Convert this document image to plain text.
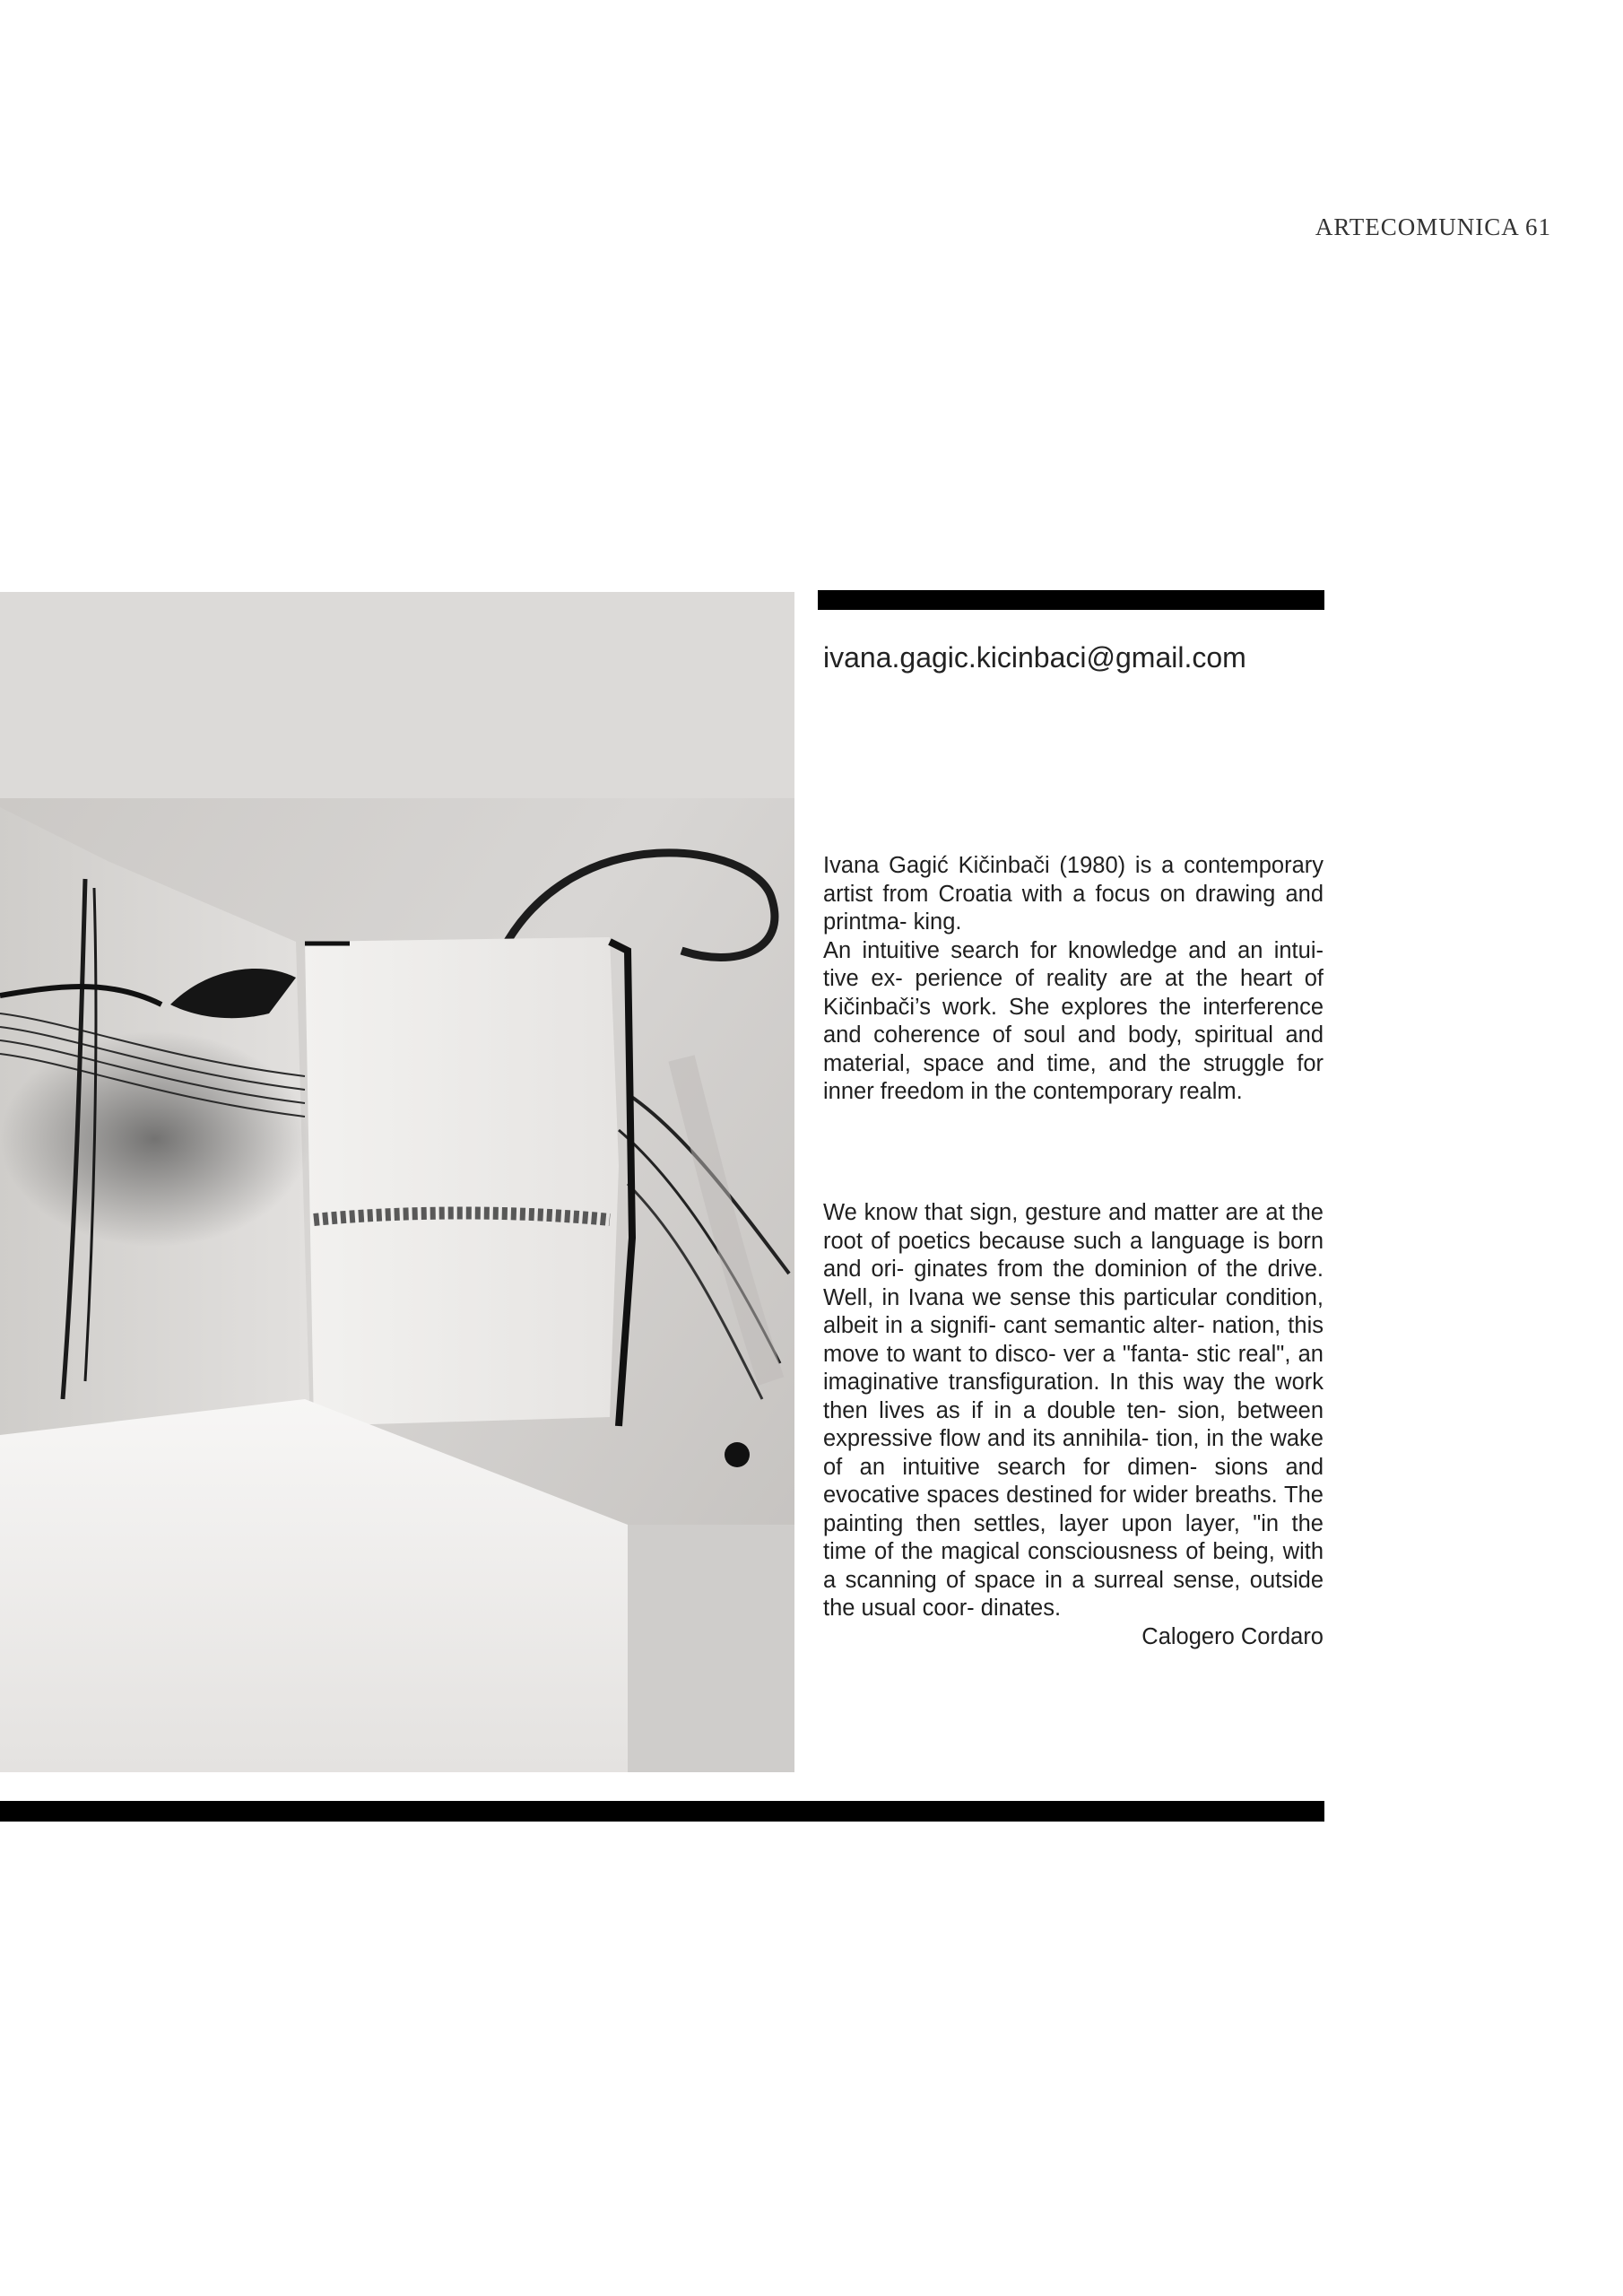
ARTECOMUNICA 61
ivana.gagic.kicinbaci@gmail.com

Ivana Gagić Kičinbači (1980) is a contemporary artist from Croatia with a focus on drawing and printma- king.

An intuitive search for knowledge and an intui- tive ex- perience of reality are at the heart of Kičinbači’s work. She explores the interference and coherence of soul and body, spiritual and material, space and time, and the struggle for inner freedom in the contemporary realm.

We know that sign, gesture and matter are at the root of poetics because such a language is born and ori- ginates from the dominion of the drive. Well, in Ivana we sense this particular condition, albeit in a signifi- cant semantic alter- nation, this move to want to disco- ver a "fanta- stic real", an imaginative transfiguration. In this way the work then lives as if in a double ten- sion, between expressive flow and its annihila- tion, in the wake of an intuitive search for dimen- sions and evocative spaces destined for wider breaths. The painting then settles, layer upon layer, "in the time of the magical consciousness of being, with a scanning of space in a surreal sense, outside the usual coor- dinates.

Calogero Cordaro
